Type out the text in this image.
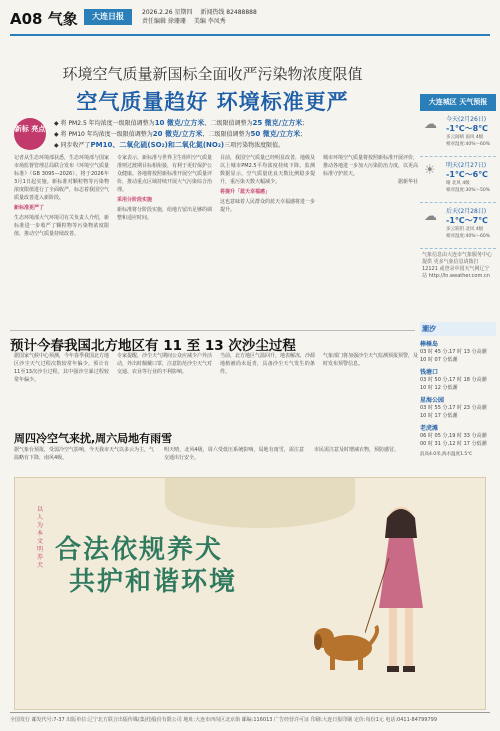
A08 气象	大连日报	2026.2.26 星期四 新闻热线 82488888
责任编辑 徐珊珊 美编 李凤秀
环境空气质量新国标全面收严污染物浓度限值
空气质量趋好 环境标准更严
新标 亮点
◆ 将 PM2.5 年均浓度一级限值调整为10 微克/立方米，二级限值调整为25 微克/立方米；
◆ 将 PM10 年均浓度一级限值调整为20 微克/立方米，二级限值调整为50 微克/立方米；
◆ 同步收严了PM10、二氧化硫(SO₂)和二氧化氮(NO₂)三项污染物浓度限值。

记者从生态环境部获悉，生态环境部与国家市场监督管理总局联合发布《环境空气质量标准》（GB 3095—2026），将于2026年3月1日起实施。新标准对颗粒物等污染物浓度限值进行了全面收严，标志着我国空气质量改善进入新阶段。

新标准更严了

生态环境部大气环境司有关负责人介绍，新标准进一步收严了颗粒物等污染物浓度限值，推动空气质量持续改善。

专家表示，新标准与世界卫生组织空气质量准则过渡期目标相衔接，有利于更好保护公众健康。各地将按照新标准开展空气质量评价，推动重点区域持续开展大气污染综合治理。

采用分阶段实施

新标准将分阶段实施，给地方留出足够的调整和适应时间。

目前，我国空气质量已经明显改善，地级及以上城市PM2.5平均浓度持续下降。监测数据显示，空气质量优良天数比例稳步提升，重污染天数大幅减少。

将提升「蓝天幸福感」

这也意味着人民群众的蓝天幸福感将进一步提升。

城市环境空气质量将按照新标准开展评价，推动各地进一步加大污染防治力度，以更高标准守护蓝天。

据新华社

大连城区 天气预报
☁ 今天(2月26日)
-1℃～8℃
多云间晴 南风 4级
相对湿度:40%～60%
☀ 明天(2月27日)
-1℃～6℃
晴 北风 4级
相对湿度:30%～50%
☁ 后天(2月28日)
-1℃～7℃
多云转阴 北风 4级
相对湿度:40%～60%
气象信息由大连市气象服务中心提供 更多气象信息请拨打 12121 或登录中国天气网辽宁站 http://ln.weather.com.cn
潮汐
棒棰岛
03 时 45 分,17 时 13 分高潮
10 时 07 分低潮
钱塘口
03 时 50 分,17 时 18 分高潮
10 时 12 分低潮
星海公园
03 时 55 分,17 时 23 分高潮
10 时 17 分低潮
老虎滩
06 时 05 分,19 时 33 分高潮
00 时 31 分,12 时 17 分低潮
浪高4.0米,海水温度1.5℃
预计今春我国北方地区有 11 至 13 次沙尘过程
据国家气候中心预测，今年春季我国北方地区沙尘天气过程次数较常年偏少，预计有11至13次沙尘过程，其中强沙尘暴过程较常年偏少。
专家提醒，沙尘天气期间公众应减少户外活动，外出时佩戴口罩，注意防范沙尘天气对交通、农业等行业的不利影响。
当前，北方地区气温回升，地表解冻，沙源地植被尚未返青，具备沙尘天气发生的条件。
气象部门将加强沙尘天气监测预报预警，及时发布预警信息。
周四冷空气来扰,周六局地有雨雪
据气象台预报，受弱冷空气影响，今天我市天气以多云为主，气温略有下降，南风4级。
明天晴，北风4级，周六受低压系统影响，局地有雨雪，需注意交通出行安全。
市民需注意及时增减衣物，预防感冒。
以人为本 文明养犬
合法依规养犬
共护和谐环境
全国发行 邮发代号:7-37 出版单位:辽宁北方联合出版传媒(集团)股份有限公司 地址:大连市西岗区北京街 邮编:116013 广告经营许可证 印刷:大连日报印刷 定价:每份1元 电话:0411-84799799
